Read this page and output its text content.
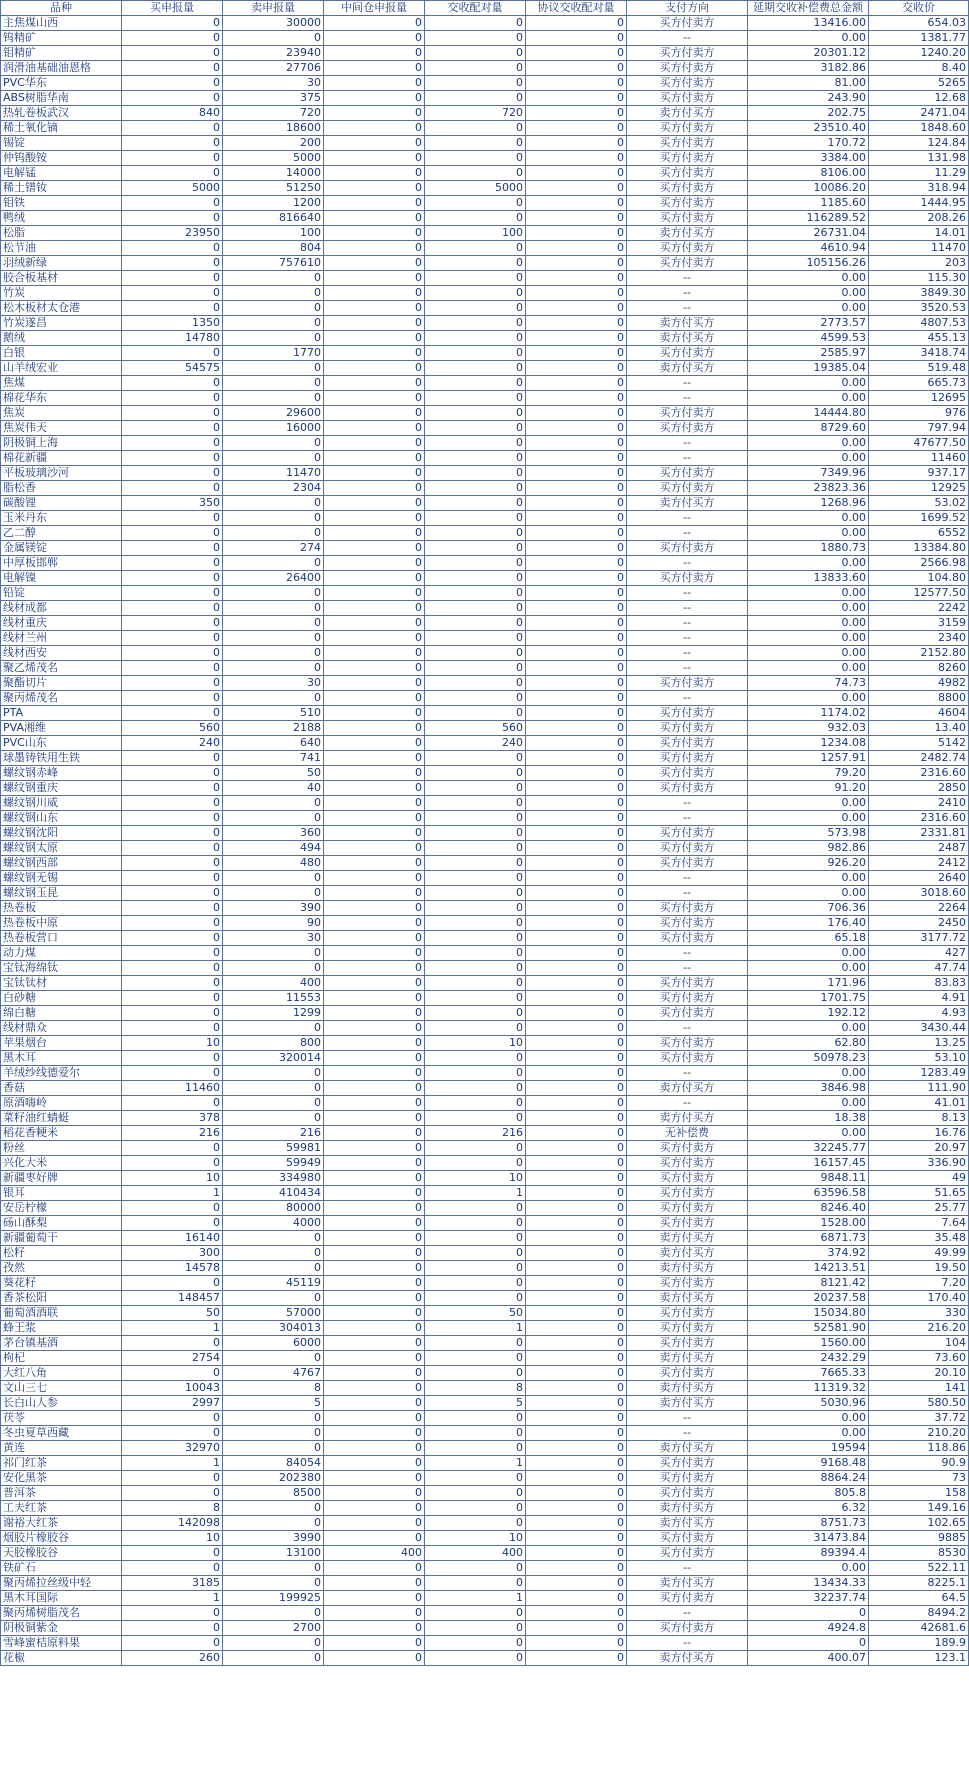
品种	买申报量	卖申报量	中间仓申报量	交收配对量	协议交收配对量	支付方向	延期交收补偿费总金额	交收价
主焦煤山西	0	30000	0	0	0	买方付卖方	13416.00	654.03
钨精矿	0	0	0	0	0	--	0.00	1381.77
钼精矿	0	23940	0	0	0	买方付卖方	20301.12	1240.20
润滑油基础油恩格	0	27706	0	0	0	买方付卖方	3182.86	8.40
PVC华东	0	30	0	0	0	买方付卖方	81.00	5265
ABS树脂华南	0	375	0	0	0	买方付卖方	243.90	12.68
热轧卷板武汉	840	720	0	720	0	卖方付买方	202.75	2471.04
稀土氧化镝	0	18600	0	0	0	买方付卖方	23510.40	1848.60
锡锭	0	200	0	0	0	买方付卖方	170.72	124.84
仲钨酸铵	0	5000	0	0	0	买方付卖方	3384.00	131.98
电解锰	0	14000	0	0	0	买方付卖方	8106.00	11.29
稀土镨钕	5000	51250	0	5000	0	买方付卖方	10086.20	318.94
钼铁	0	1200	0	0	0	买方付卖方	1185.60	1444.95
鸭绒	0	816640	0	0	0	买方付卖方	116289.52	208.26
松脂	23950	100	0	100	0	卖方付买方	26731.04	14.01
松节油	0	804	0	0	0	买方付卖方	4610.94	11470
羽绒新绿	0	757610	0	0	0	买方付卖方	105156.26	203
胶合板基材	0	0	0	0	0	--	0.00	115.30
竹炭	0	0	0	0	0	--	0.00	3849.30
松木板材太仓港	0	0	0	0	0	--	0.00	3520.53
竹炭遂昌	1350	0	0	0	0	卖方付买方	2773.57	4807.53
鹅绒	14780	0	0	0	0	卖方付买方	4599.53	455.13
白银	0	1770	0	0	0	买方付卖方	2585.97	3418.74
山羊绒宏业	54575	0	0	0	0	卖方付买方	19385.04	519.48
焦煤	0	0	0	0	0	--	0.00	665.73
棉花华东	0	0	0	0	0	--	0.00	12695
焦炭	0	29600	0	0	0	买方付卖方	14444.80	976
焦炭伟天	0	16000	0	0	0	买方付卖方	8729.60	797.94
阴极铜上海	0	0	0	0	0	--	0.00	47677.50
棉花新疆	0	0	0	0	0	--	0.00	11460
平板玻璃沙河	0	11470	0	0	0	买方付卖方	7349.96	937.17
脂松香	0	2304	0	0	0	买方付卖方	23823.36	12925
碳酸锂	350	0	0	0	0	卖方付买方	1268.96	53.02
玉米丹东	0	0	0	0	0	--	0.00	1699.52
乙二醇	0	0	0	0	0	--	0.00	6552
金属镁锭	0	274	0	0	0	买方付卖方	1880.73	13384.80
中厚板邯郸	0	0	0	0	0	--	0.00	2566.98
电解镍	0	26400	0	0	0	买方付卖方	13833.60	104.80
铅锭	0	0	0	0	0	--	0.00	12577.50
线材成都	0	0	0	0	0	--	0.00	2242
线材重庆	0	0	0	0	0	--	0.00	3159
线材兰州	0	0	0	0	0	--	0.00	2340
线材西安	0	0	0	0	0	--	0.00	2152.80
聚乙烯茂名	0	0	0	0	0	--	0.00	8260
聚酯切片	0	30	0	0	0	买方付卖方	74.73	4982
聚丙烯茂名	0	0	0	0	0	--	0.00	8800
PTA	0	510	0	0	0	买方付卖方	1174.02	4604
PVA湘维	560	2188	0	560	0	买方付卖方	932.03	13.40
PVC山东	240	640	0	240	0	买方付卖方	1234.08	5142
球墨铸铁用生铁	0	741	0	0	0	买方付卖方	1257.91	2482.74
螺纹钢赤峰	0	50	0	0	0	买方付卖方	79.20	2316.60
螺纹钢重庆	0	40	0	0	0	买方付卖方	91.20	2850
螺纹钢川威	0	0	0	0	0	--	0.00	2410
螺纹钢山东	0	0	0	0	0	--	0.00	2316.60
螺纹钢沈阳	0	360	0	0	0	买方付卖方	573.98	2331.81
螺纹钢太原	0	494	0	0	0	买方付卖方	982.86	2487
螺纹钢西部	0	480	0	0	0	买方付卖方	926.20	2412
螺纹钢无锡	0	0	0	0	0	--	0.00	2640
螺纹钢玉昆	0	0	0	0	0	--	0.00	3018.60
热卷板	0	390	0	0	0	买方付卖方	706.36	2264
热卷板中原	0	90	0	0	0	买方付卖方	176.40	2450
热卷板营口	0	30	0	0	0	买方付卖方	65.18	3177.72
动力煤	0	0	0	0	0	--	0.00	427
宝钛海绵钛	0	0	0	0	0	--	0.00	47.74
宝钛钛材	0	400	0	0	0	买方付卖方	171.96	83.83
白砂糖	0	11553	0	0	0	买方付卖方	1701.75	4.91
绵白糖	0	1299	0	0	0	买方付卖方	192.12	4.93
线材鼎众	0	0	0	0	0	--	0.00	3430.44
苹果烟台	10	800	0	10	0	买方付卖方	62.80	13.25
黑木耳	0	320014	0	0	0	买方付卖方	50978.23	53.10
羊绒纱线德爱尔	0	0	0	0	0	--	0.00	1283.49
香菇	11460	0	0	0	0	卖方付买方	3846.98	111.90
原酒嗨岭	0	0	0	0	0	--	0.00	41.01
菜籽油红蜻蜓	378	0	0	0	0	卖方付买方	18.38	8.13
稻花香粳米	216	216	0	216	0	无补偿费	0.00	16.76
粉丝	0	59981	0	0	0	买方付卖方	32245.77	20.97
兴化大米	0	59949	0	0	0	买方付卖方	16157.45	336.90
新疆枣好牌	10	334980	0	10	0	买方付卖方	9848.11	49
银耳	1	410434	0	1	0	买方付卖方	63596.58	51.65
安岳柠檬	0	80000	0	0	0	买方付卖方	8246.40	25.77
砀山酥梨	0	4000	0	0	0	买方付卖方	1528.00	7.64
新疆葡萄干	16140	0	0	0	0	卖方付买方	6871.73	35.48
松籽	300	0	0	0	0	卖方付买方	374.92	49.99
孜然	14578	0	0	0	0	卖方付买方	14213.51	19.50
葵花籽	0	45119	0	0	0	买方付卖方	8121.42	7.20
香茶松阳	148457	0	0	0	0	卖方付买方	20237.58	170.40
葡萄酒酒联	50	57000	0	50	0	买方付卖方	15034.80	330
蜂王浆	1	304013	0	1	0	买方付卖方	52581.90	216.20
茅台镇基酒	0	6000	0	0	0	买方付卖方	1560.00	104
枸杞	2754	0	0	0	0	卖方付买方	2432.29	73.60
大红八角	0	4767	0	0	0	买方付卖方	7665.33	20.10
文山三七	10043	8	0	8	0	卖方付买方	11319.32	141
长白山人参	2997	5	0	5	0	卖方付买方	5030.96	580.50
茯苓	0	0	0	0	0	--	0.00	37.72
冬虫夏草西藏	0	0	0	0	0	--	0.00	210.20
黄连	32970	0	0	0	0	卖方付买方	19594	118.86
祁门红茶	1	84054	0	1	0	买方付卖方	9168.48	90.9
安化黑茶	0	202380	0	0	0	买方付卖方	8864.24	73
普洱茶	0	8500	0	0	0	买方付卖方	805.8	158
工夫红茶	8	0	0	0	0	卖方付买方	6.32	149.16
谢裕大红茶	142098	0	0	0	0	卖方付买方	8751.73	102.65
烟胶片橡胶谷	10	3990	0	10	0	买方付卖方	31473.84	9885
天胶橡胶谷	0	13100	400	400	0	买方付卖方	89394.4	8530
铁矿石	0	0	0	0	0	--	0.00	522.11
聚丙烯拉丝级中轻	3185	0	0	0	0	卖方付买方	13434.33	8225.1
黑木耳国际	1	199925	0	1	0	买方付卖方	32237.74	64.5
聚丙烯树脂茂名	0	0	0	0	0	--	0	8494.2
阴极铜紫金	0	2700	0	0	0	买方付卖方	4924.8	42681.6
雪峰蜜桔原料果	0	0	0	0	0	--	0	189.9
花椒	260	0	0	0	0	卖方付买方	400.07	123.1
